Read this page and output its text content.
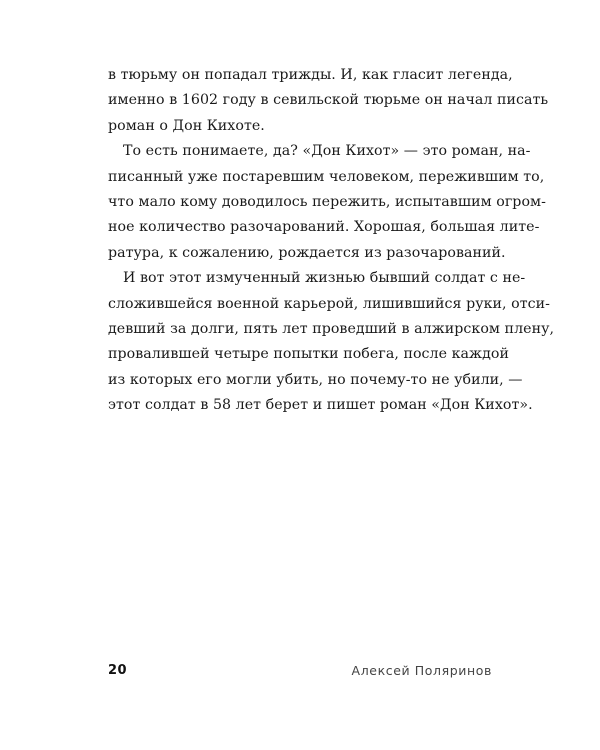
в тюрьму он попадал трижды. И, как гласит легенда,
именно в 1602 году в севильской тюрьме он начал писать
роман о Дон Кихоте.
То есть понимаете, да? «Дон Кихот» — это роман, на-
писанный уже постаревшим человеком, пережившим то,
что мало кому доводилось пережить, испытавшим огром-
ное количество разочарований. Хорошая, большая лите-
ратура, к сожалению, рождается из разочарований.
И вот этот измученный жизнью бывший солдат с не-
сложившейся военной карьерой, лишившийся руки, отси-
девший за долги, пять лет проведший в алжирском плену,
провалившей четыре попытки побега, после каждой
из которых его могли убить, но почему-то не убили, —
этот солдат в 58 лет берет и пишет роман «Дон Кихот».
20	Алексей Поляринов
